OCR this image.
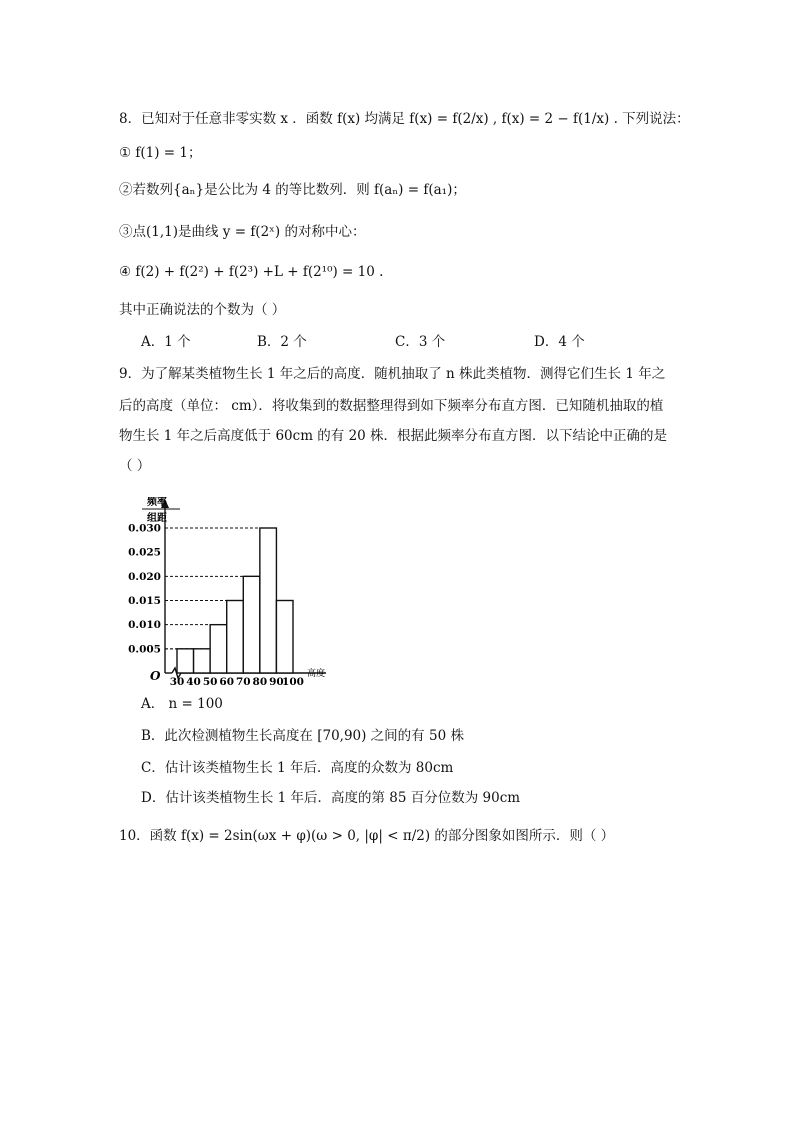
8．已知对于任意非零实数 x ．函数 f(x) 均满足 f(x) = f(2/x) , f(x) = 2 − f(1/x) . 下列说法：
① f(1) = 1；
②若数列{aₙ}是公比为 4 的等比数列．则 f(aₙ) = f(a₁)；
③点(1,1)是曲线 y = f(2ˣ) 的对称中心：
④ f(2) + f(2²) + f(2³) +L + f(2¹⁰) = 10 .
其中正确说法的个数为（ ）
A．1 个	B．2 个	C．3 个	D．4 个
9．为了解某类植物生长 1 年之后的高度．随机抽取了 n 株此类植物．测得它们生长 1 年之
后的高度（单位： cm）．将收集到的数据整理得到如下频率分布直方图．已知随机抽取的植
物生长 1 年之后高度低于 60cm 的有 20 株．根据此频率分布直方图．以下结论中正确的是
（ ）
频率
组距
O	高度
0.005
0.010
0.015
0.020
0.025
0.030
30 40 50 60 70 80 90
100
A． n = 100
B．此次检测植物生长高度在 [70,90) 之间的有 50 株
C．估计该类植物生长 1 年后．高度的众数为 80cm
D．估计该类植物生长 1 年后．高度的第 85 百分位数为 90cm
10．函数 f(x) = 2sin(ωx + φ)(ω > 0, |φ| < π/2) 的部分图象如图所示．则（ ）
